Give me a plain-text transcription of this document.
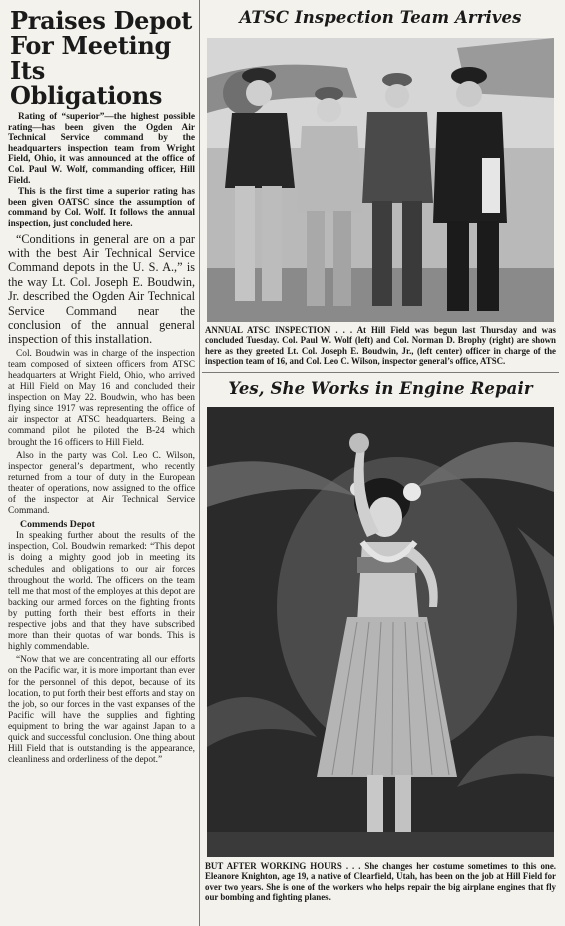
Praises Depot For Meeting Its Obligations

Rating of “superior”—the highest possible rating—has been given the Ogden Air Technical Service command by the headquarters inspection team from Wright Field, Ohio, it was announced at the office of Col. Paul W. Wolf, commanding officer, Hill Field.

This is the first time a superior rating has been given OATSC since the assumption of command by Col. Wolf. It follows the annual inspection, just concluded here.

“Conditions in general are on a par with the best Air Technical Service Command depots in the U. S. A.,” is the way Lt. Col. Joseph E. Boudwin, Jr. described the Ogden Air Technical Service Command near the conclusion of the annual general inspection of this installation.

Col. Boudwin was in charge of the inspection team composed of sixteen officers from ATSC headquarters at Wright Field, Ohio, who arrived at Hill Field on May 16 and concluded their inspection on May 22. Boudwin, who has been flying since 1917 was representing the office of air inspector at ATSC headquarters. Being a command pilot he piloted the B-24 which brought the 16 officers to Hill Field.

Also in the party was Col. Leo C. Wilson, inspector general’s department, who recently returned from a tour of duty in the European theater of operations, now assigned to the office of the inspector at Air Technical Service Command.

Commends Depot

In speaking further about the results of the inspection, Col. Boudwin remarked: “This depot is doing a mighty good job in meeting its schedules and obligations to our air forces throughout the world. The officers on the team tell me that most of the employes at this depot are backing our armed forces on the fighting fronts by putting forth their best efforts in their respective jobs and that they have subscribed more than their quotas of war bonds. This is highly commendable.

“Now that we are concentrating all our efforts on the Pacific war, it is more important than ever for the personnel of this depot, because of its location, to put forth their best efforts and stay on the job, so our forces in the vast expanses of the Pacific will have the supplies and fighting equipment to bring the war against Japan to a quick and successful conclusion. One thing about Hill Field that is outstanding is the appearance, cleanliness and orderliness of the depot.”

ATSC Inspection Team Arrives
ANNUAL ATSC INSPECTION . . . At Hill Field was begun last Thursday and was concluded Tuesday. Col. Paul W. Wolf (left) and Col. Norman D. Brophy (right) are shown here as they greeted Lt. Col. Joseph E. Boudwin, Jr., (left center) officer in charge of the inspection team of 16, and Col. Leo C. Wilson, inspector general’s office, ATSC.
Yes, She Works in Engine Repair
BUT AFTER WORKING HOURS . . . She changes her costume sometimes to this one. Eleanore Knighton, age 19, a native of Clearfield, Utah, has been on the job at Hill Field for over two years. She is one of the workers who helps repair the big airplane engines that fly our bombing and fighting planes.
